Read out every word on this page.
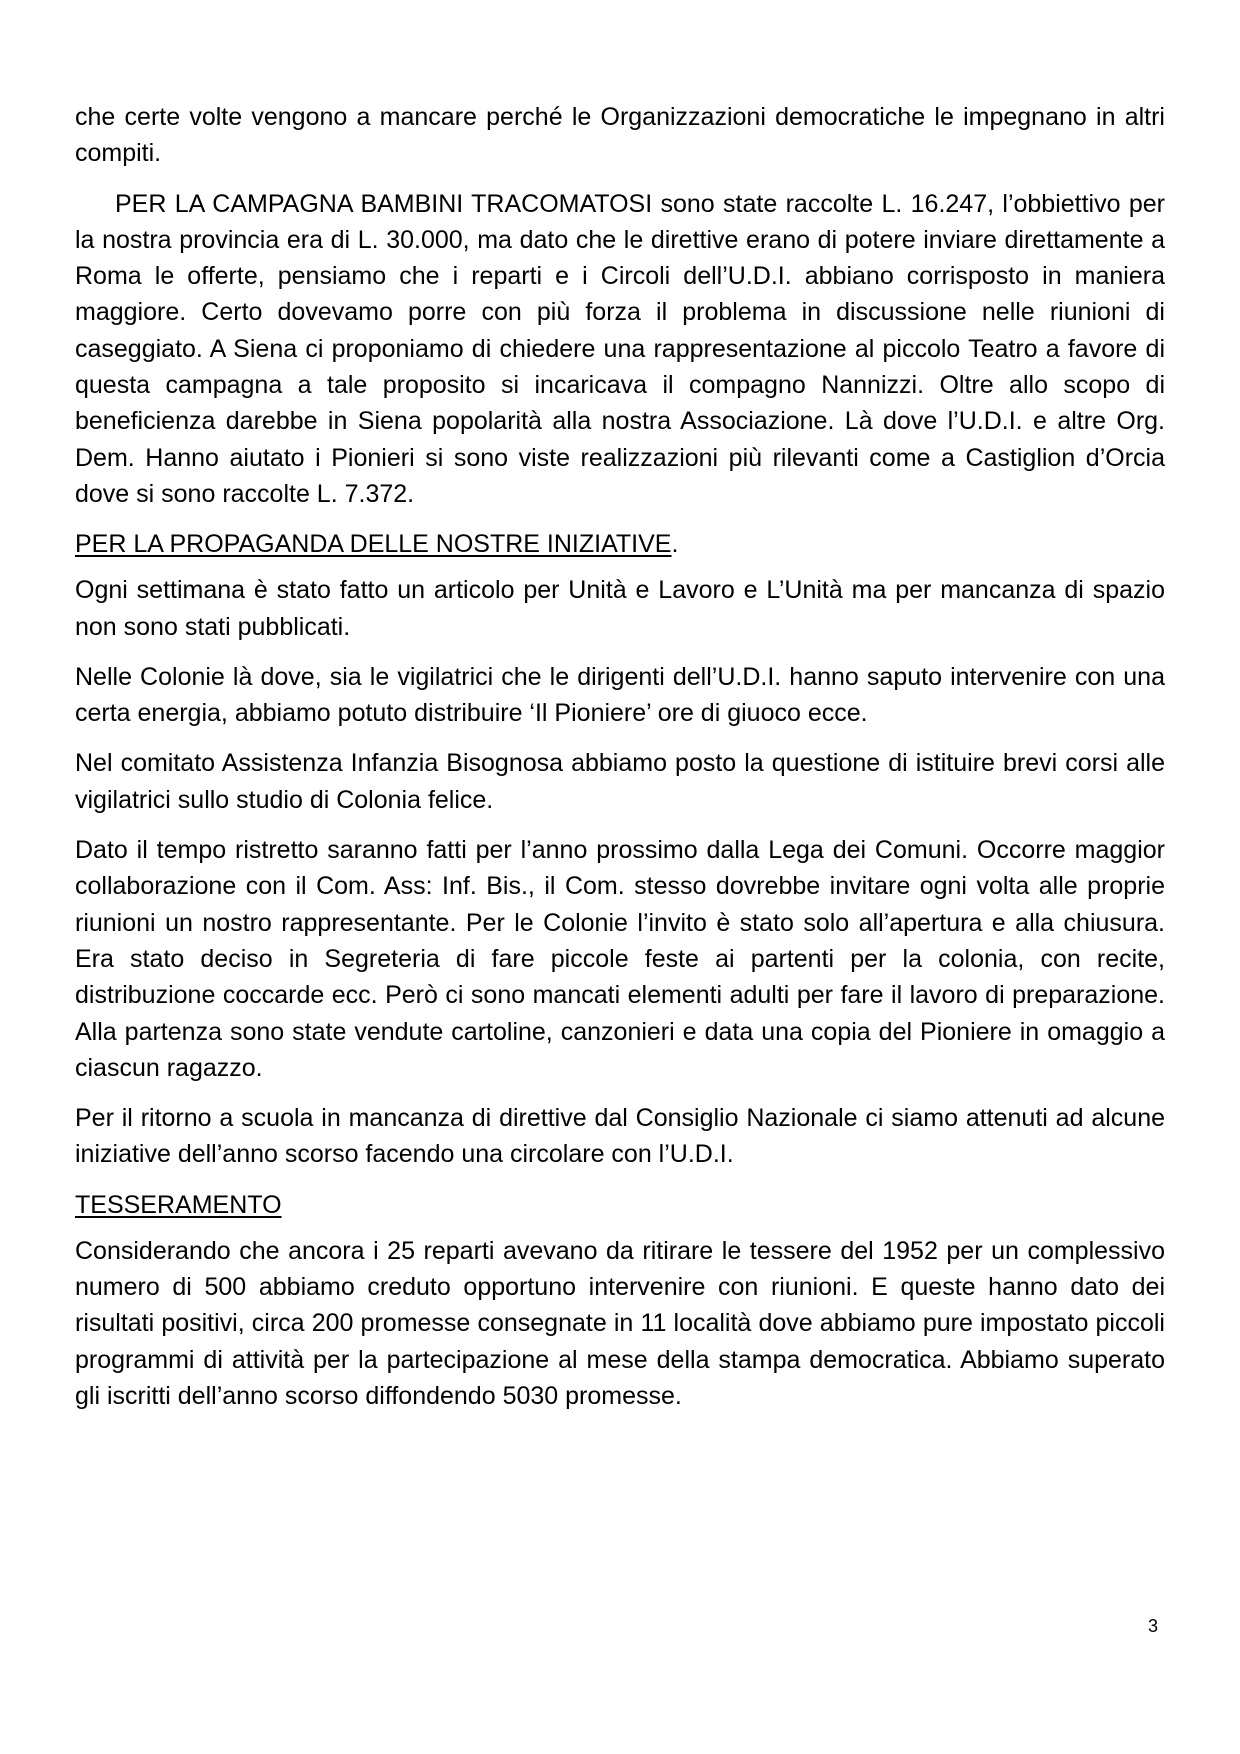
che certe volte vengono a mancare perché le Organizzazioni democratiche le impegnano in altri compiti.

PER LA CAMPAGNA BAMBINI TRACOMATOSI sono state raccolte L. 16.247, l’obbiettivo per la nostra provincia era di L. 30.000, ma dato che le direttive erano di potere inviare direttamente a Roma le offerte, pensiamo che i reparti e i Circoli dell’U.D.I. abbiano corrisposto in maniera maggiore. Certo dovevamo porre con più forza il problema in discussione nelle riunioni di caseggiato. A Siena ci proponiamo di chiedere una rappresentazione al piccolo Teatro a favore di questa campagna a tale proposito si incaricava il compagno Nannizzi. Oltre allo scopo di beneficienza darebbe in Siena popolarità alla nostra Associazione. Là dove l’U.D.I. e altre Org. Dem. Hanno aiutato i Pionieri si sono viste realizzazioni più rilevanti come a Castiglion d’Orcia dove si sono raccolte L. 7.372.

PER LA PROPAGANDA DELLE NOSTRE INIZIATIVE.

Ogni settimana è stato fatto un articolo per Unità e Lavoro e L’Unità ma per mancanza di spazio non sono stati pubblicati.

Nelle Colonie là dove, sia le vigilatrici che le dirigenti dell’U.D.I. hanno saputo intervenire con una certa energia, abbiamo potuto distribuire ‘Il Pioniere’ ore di giuoco ecce.

Nel comitato Assistenza Infanzia Bisognosa abbiamo posto la questione di istituire brevi corsi alle vigilatrici sullo studio di Colonia felice.

Dato il tempo ristretto saranno fatti per l’anno prossimo dalla Lega dei Comuni. Occorre maggior collaborazione con il Com. Ass: Inf. Bis., il Com. stesso dovrebbe invitare ogni volta alle proprie riunioni un nostro rappresentante. Per le Colonie l’invito è stato solo all’apertura e alla chiusura. Era stato deciso in Segreteria di fare piccole feste ai partenti per la colonia, con recite, distribuzione coccarde ecc. Però ci sono mancati elementi adulti per fare il lavoro di preparazione. Alla partenza sono state vendute cartoline, canzonieri e data una copia del Pioniere in omaggio a ciascun ragazzo.

Per il ritorno a scuola in mancanza di direttive dal Consiglio Nazionale ci siamo attenuti ad alcune iniziative dell’anno scorso facendo una circolare con l’U.D.I.

TESSERAMENTO

Considerando che ancora i 25 reparti avevano da ritirare le tessere del 1952 per un complessivo numero di 500 abbiamo creduto opportuno intervenire con riunioni. E queste hanno dato dei risultati positivi, circa 200 promesse consegnate in 11 località dove abbiamo pure impostato piccoli programmi di attività per la partecipazione al mese della stampa democratica. Abbiamo superato gli iscritti dell’anno scorso diffondendo 5030 promesse.

3
